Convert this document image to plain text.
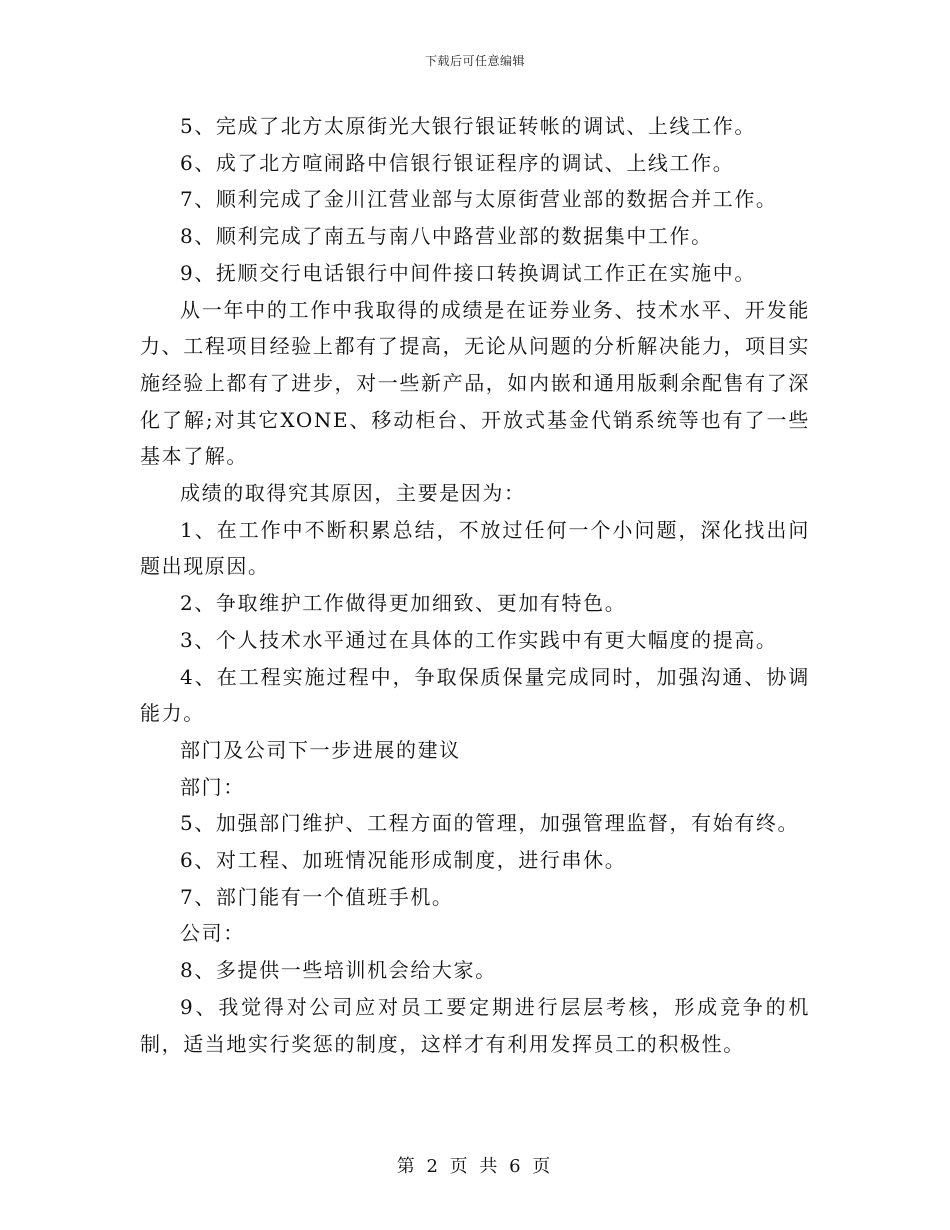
下载后可任意编辑

5、完成了北方太原街光大银行银证转帐的调试、上线工作。

6、成了北方喧闹路中信银行银证程序的调试、上线工作。

7、顺利完成了金川江营业部与太原街营业部的数据合并工作。

8、顺利完成了南五与南八中路营业部的数据集中工作。

9、抚顺交行电话银行中间件接口转换调试工作正在实施中。

从一年中的工作中我取得的成绩是在证券业务、技术水平、开发能力、工程项目经验上都有了提高，无论从问题的分析解决能力，项目实施经验上都有了进步，对一些新产品，如内嵌和通用版剩余配售有了深化了解;对其它XONE、移动柜台、开放式基金代销系统等也有了一些基本了解。

成绩的取得究其原因，主要是因为：

1、在工作中不断积累总结，不放过任何一个小问题，深化找出问题出现原因。

2、争取维护工作做得更加细致、更加有特色。

3、个人技术水平通过在具体的工作实践中有更大幅度的提高。

4、在工程实施过程中，争取保质保量完成同时，加强沟通、协调能力。

部门及公司下一步进展的建议

部门：

5、加强部门维护、工程方面的管理，加强管理监督，有始有终。

6、对工程、加班情况能形成制度，进行串休。

7、部门能有一个值班手机。

公司：

8、多提供一些培训机会给大家。

9、我觉得对公司应对员工要定期进行层层考核，形成竞争的机制，适当地实行奖惩的制度，这样才有利用发挥员工的积极性。

第 2 页 共 6 页
